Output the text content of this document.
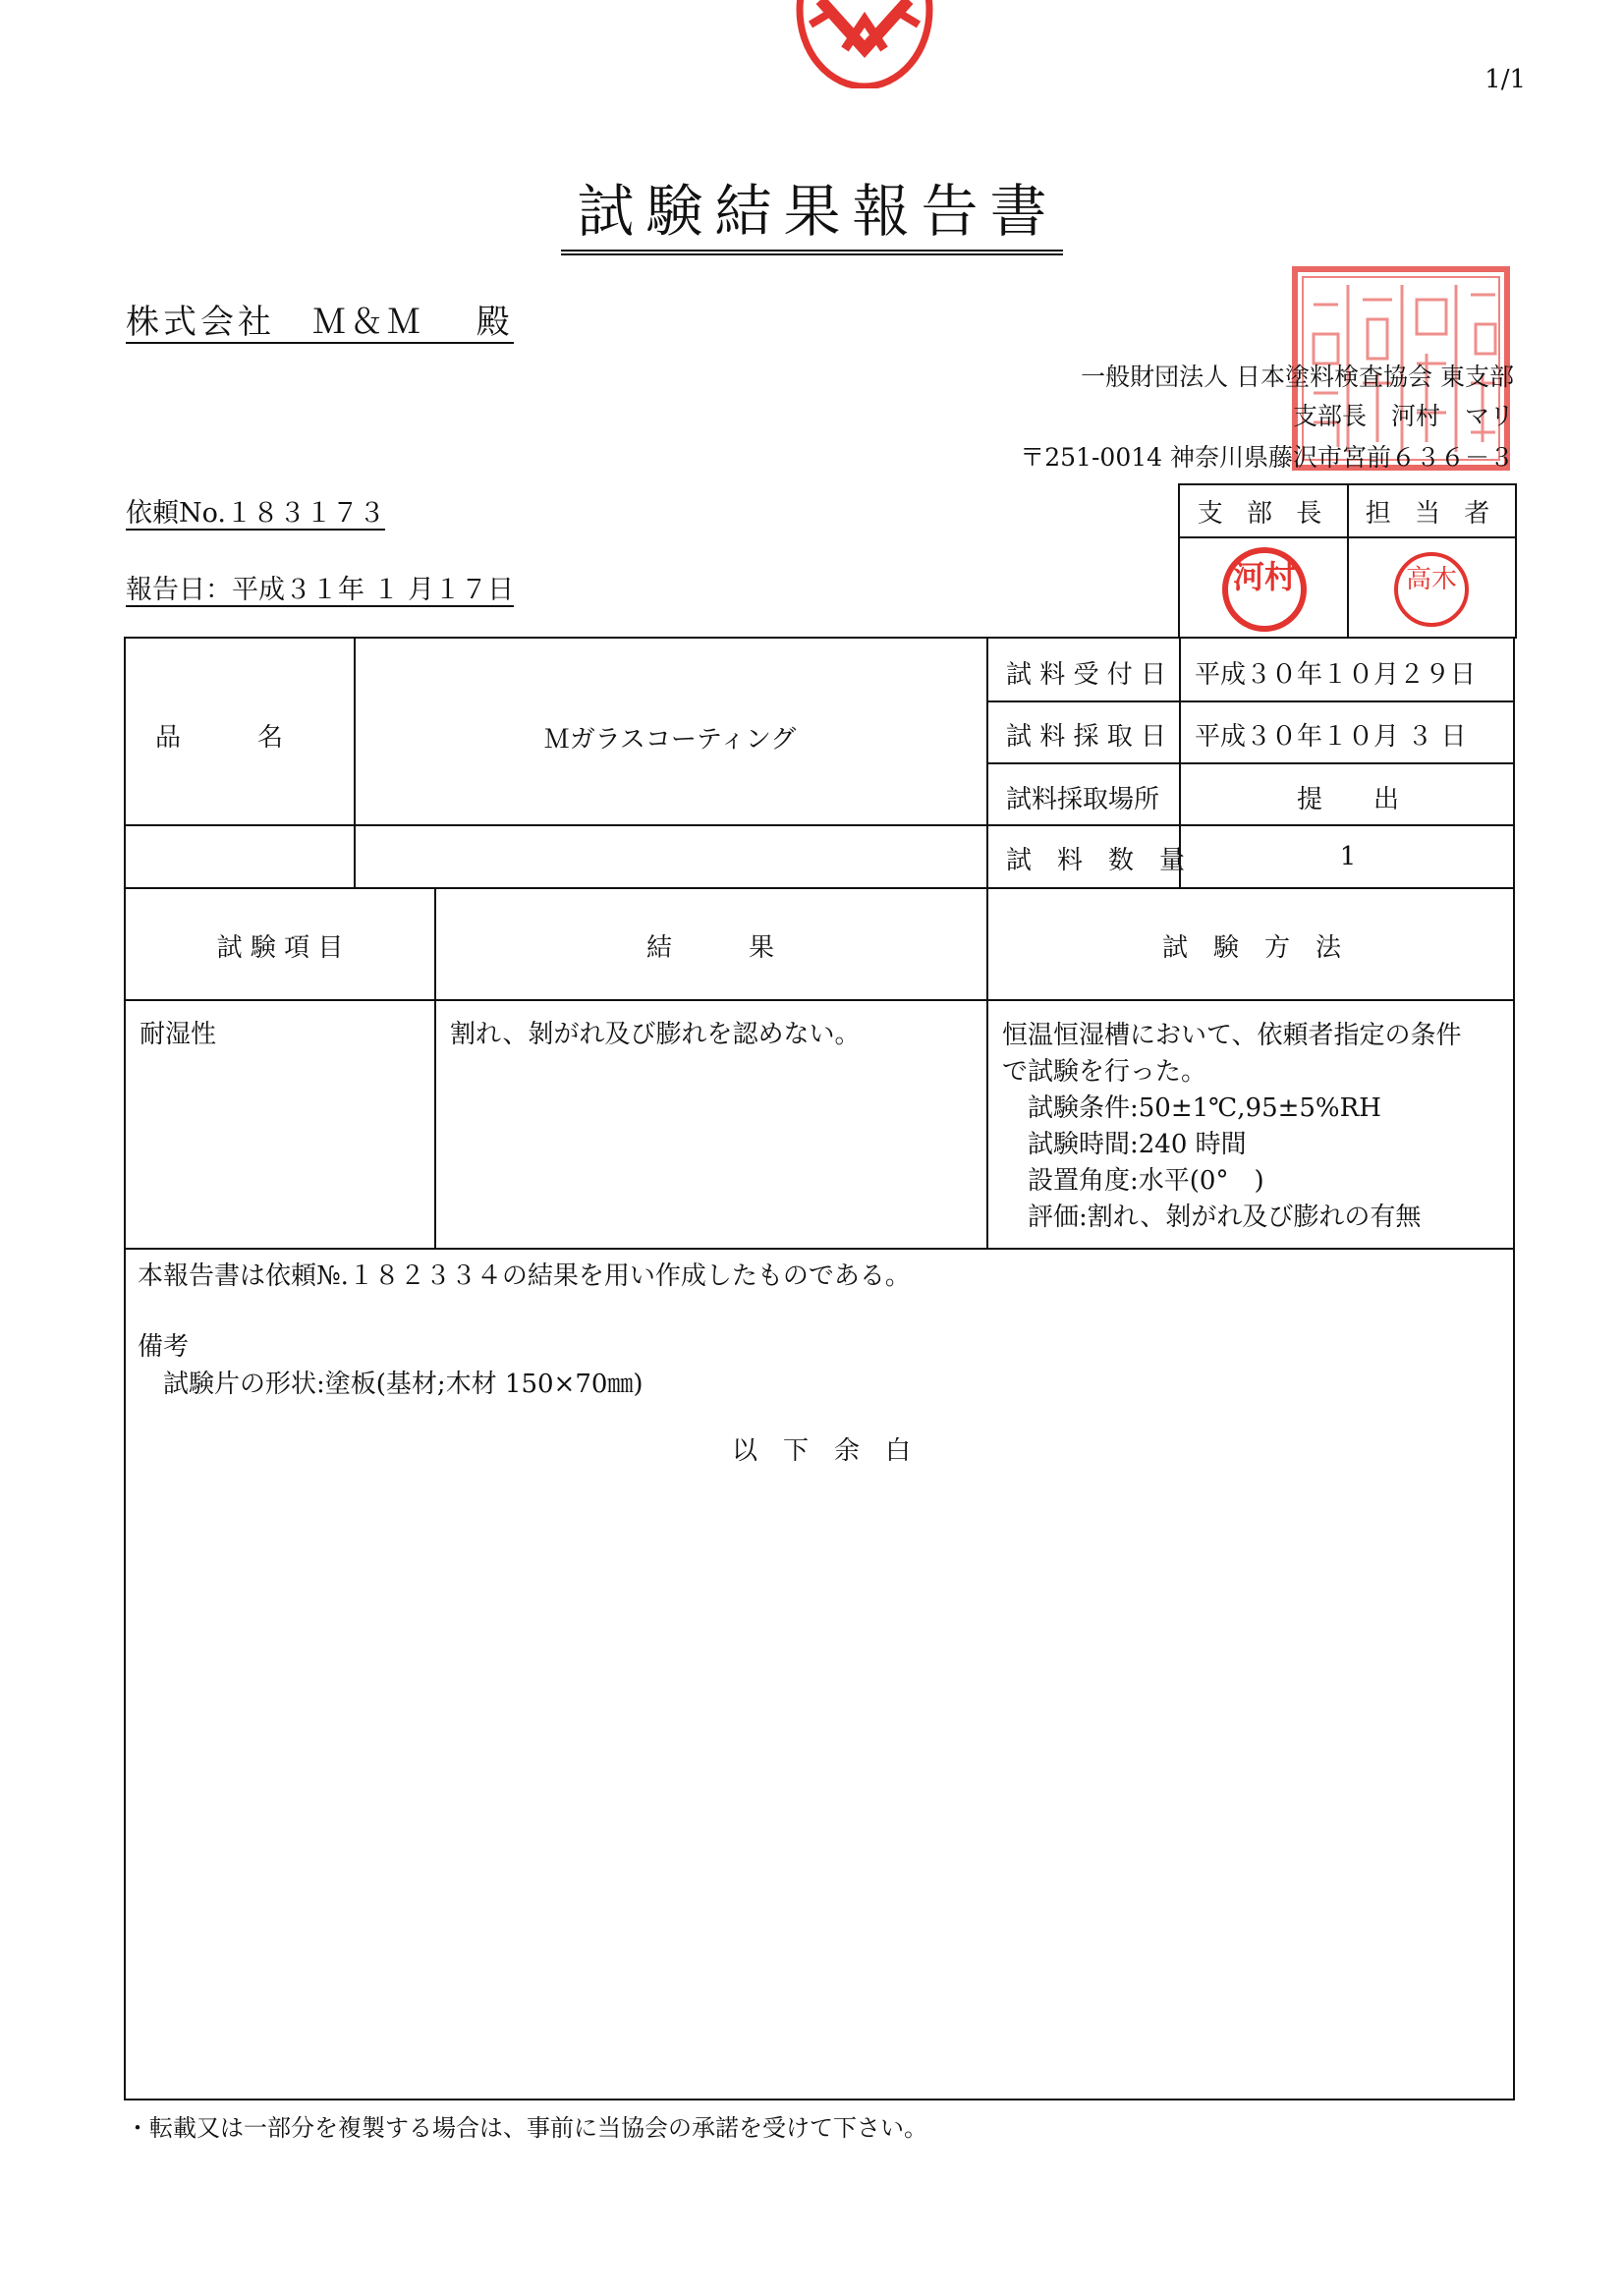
1/1
試験結果報告書
株式会社　Ｍ＆Ｍ　 殿
一般財団法人 日本塗料検査協会 東支部
支部長　河村　マリ
〒251-0014 神奈川県藤沢市宮前６３６－３
依頼No.１８３１７３
報告日：平成３１年 １ 月１７日
支 部 長	担 当 者
河村	高木
品　　　名	Ｍガラスコーティング
試 料 受 付 日 平成３０年１０月２９日
試 料 採 取 日 平成３０年１０月 ３ 日
試料採取場所	提　　出
試　料　数　量	1
試 験 項 目	結　　　果	試　験　方　法
耐湿性	割れ、剝がれ及び膨れを認めない。	恒温恒湿槽において、依頼者指定の条件
で試験を行った。
　試験条件:50±1℃,95±5%RH
　試験時間:240 時間
　設置角度:水平(0°　)
　評価:割れ、剝がれ及び膨れの有無
本報告書は依頼№.１８２３３４の結果を用い作成したものである。
備考
　試験片の形状:塗板(基材;木材 150×70㎜)
以　下　余　白
・転載又は一部分を複製する場合は、事前に当協会の承諾を受けて下さい。
